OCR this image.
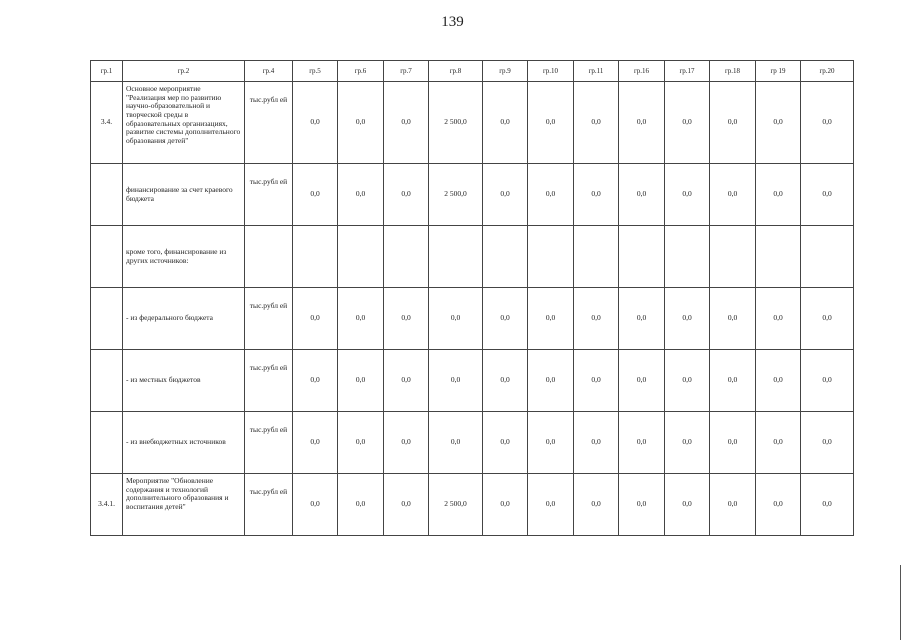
139
гр.1	гр.2	гр.4	гр.5	гр.6	гр.7	гр.8	гр.9	гр.10	гр.11	гр.16	гр.17	гр.18	гр 19	гр.20
3.4.	Основное мероприятие "Реализация мер по развитию научно-образовательной и творческой среды в образовательных организациях, развитие системы дополнительного образования детей"	тыс.рубл ей	0,0	0,0	0,0	2 500,0	0,0	0,0	0,0	0,0	0,0	0,0	0,0	0,0
	финансирование за счет краевого бюджета	тыс.рубл ей	0,0	0,0	0,0	2 500,0	0,0	0,0	0,0	0,0	0,0	0,0	0,0	0,0
	кроме того, финансирование из других источников:													
	- из федерального бюджета	тыс.рубл ей	0,0	0,0	0,0	0,0	0,0	0,0	0,0	0,0	0,0	0,0	0,0	0,0
	- из местных бюджетов	тыс.рубл ей	0,0	0,0	0,0	0,0	0,0	0,0	0,0	0,0	0,0	0,0	0,0	0,0
	- из внебюджетных источников	тыс.рубл ей	0,0	0,0	0,0	0,0	0,0	0,0	0,0	0,0	0,0	0,0	0,0	0,0
3.4.1.	Мероприятие "Обновление содержания и технологий дополнительного образования и воспитания детей"	тыс.рубл ей	0,0	0,0	0,0	2 500,0	0,0	0,0	0,0	0,0	0,0	0,0	0,0	0,0
